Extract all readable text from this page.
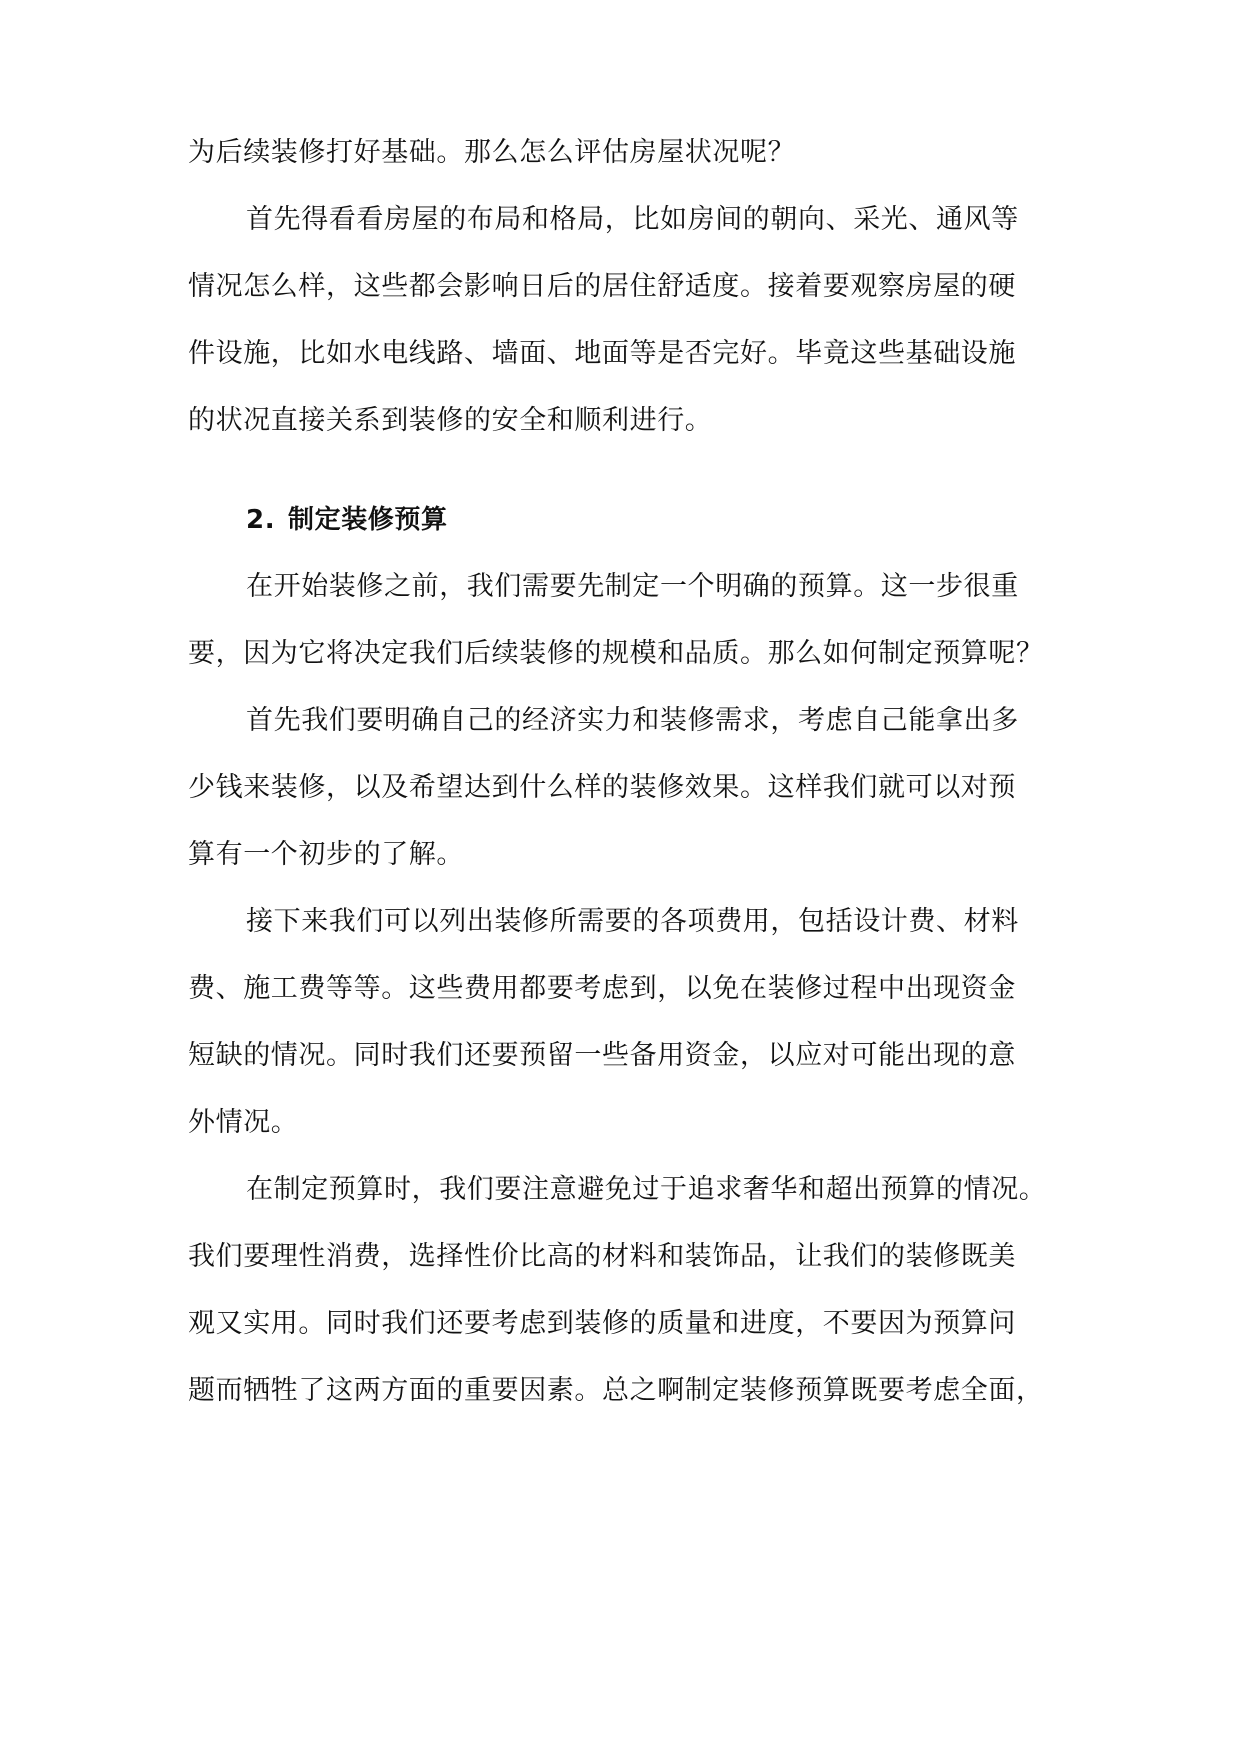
为后续装修打好基础。那么怎么评估房屋状况呢？
首先得看看房屋的布局和格局，比如房间的朝向、采光、通风等
情况怎么样，这些都会影响日后的居住舒适度。接着要观察房屋的硬
件设施，比如水电线路、墙面、地面等是否完好。毕竟这些基础设施
的状况直接关系到装修的安全和顺利进行。
2. 制定装修预算
在开始装修之前，我们需要先制定一个明确的预算。这一步很重
要，因为它将决定我们后续装修的规模和品质。那么如何制定预算呢？
首先我们要明确自己的经济实力和装修需求，考虑自己能拿出多
少钱来装修，以及希望达到什么样的装修效果。这样我们就可以对预
算有一个初步的了解。
接下来我们可以列出装修所需要的各项费用，包括设计费、材料
费、施工费等等。这些费用都要考虑到，以免在装修过程中出现资金
短缺的情况。同时我们还要预留一些备用资金，以应对可能出现的意
外情况。
在制定预算时，我们要注意避免过于追求奢华和超出预算的情况。
我们要理性消费，选择性价比高的材料和装饰品，让我们的装修既美
观又实用。同时我们还要考虑到装修的质量和进度，不要因为预算问
题而牺牲了这两方面的重要因素。总之啊制定装修预算既要考虑全面，
